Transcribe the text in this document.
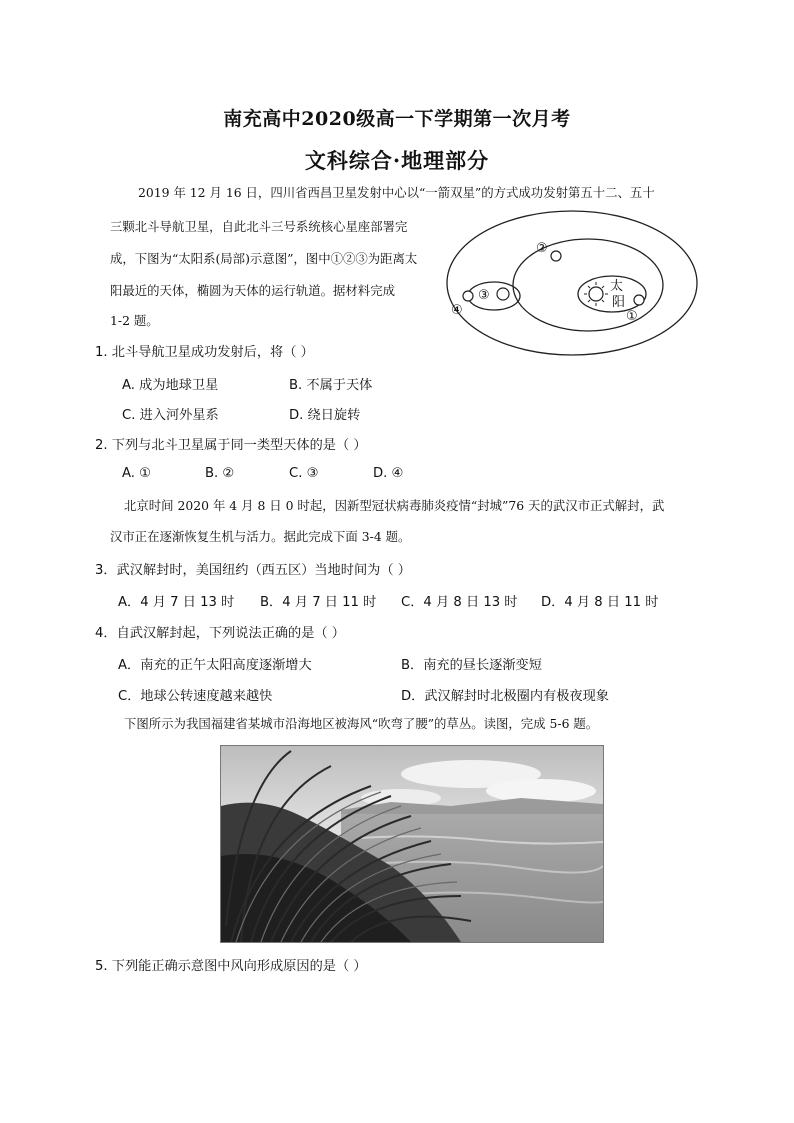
南充高中2020级高一下学期第一次月考
文科综合·地理部分
2019 年 12 月 16 日，四川省西昌卫星发射中心以“一箭双星”的方式成功发射第五十二、五十
三颗北斗导航卫星，自此北斗三号系统核心星座部署完
成，下图为“太阳系(局部)示意图”，图中①②③为距离太
阳最近的天体，椭圆为天体的运行轨道。据材料完成
1-2 题。
太
阳
①
②
③
④
1. 北斗导航卫星成功发射后，将（ ）
A. 成为地球卫星	B. 不属于天体
C. 进入河外星系	D. 绕日旋转
2. 下列与北斗卫星属于同一类型天体的是（ ）
A. ①	B. ②	C. ③	D. ④
北京时间 2020 年 4 月 8 日 0 时起，因新型冠状病毒肺炎疫情“封城”76 天的武汉市正式解封，武
汉市正在逐渐恢复生机与活力。据此完成下面 3-4 题。
3．武汉解封时，美国纽约（西五区）当地时间为（ ）
A．4 月 7 日 13 时 B．4 月 7 日 11 时 C．4 月 8 日 13 时 D．4 月 8 日 11 时
4．自武汉解封起，下列说法正确的是（ ）
A．南充的正午太阳高度逐渐增大	B．南充的昼长逐渐变短
C．地球公转速度越来越快	D．武汉解封时北极圈内有极夜现象
下图所示为我国福建省某城市沿海地区被海风“吹弯了腰”的草丛。读图，完成 5-6 题。
5. 下列能正确示意图中风向形成原因的是（ ）
